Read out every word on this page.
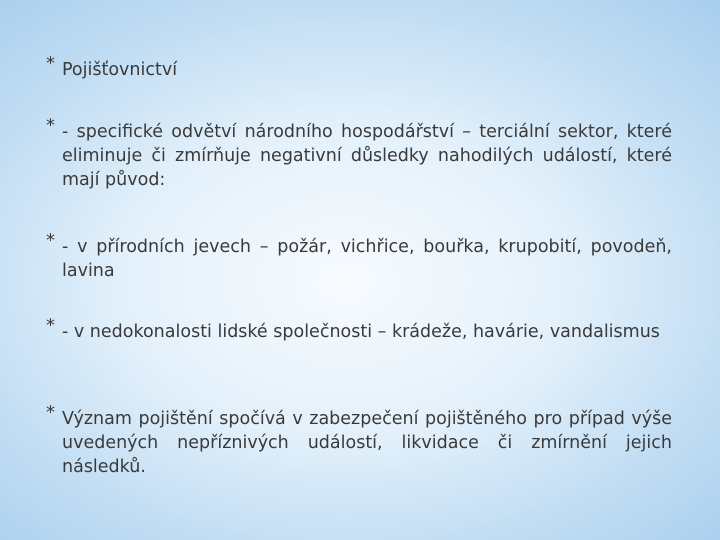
* Pojišťovnictví
* - specifické odvětví národního hospodářství – terciální sektor, které eliminuje či zmírňuje negativní důsledky nahodilých událostí, které mají původ:
* - v přírodních jevech – požár, vichřice, bouřka, krupobití, povodeň, lavina
* - v nedokonalosti lidské společnosti – krádeže, havárie, vandalismus
* Význam pojištění spočívá v zabezpečení pojištěného pro případ výše uvedených nepříznivých událostí, likvidace či zmírnění jejich následků.
